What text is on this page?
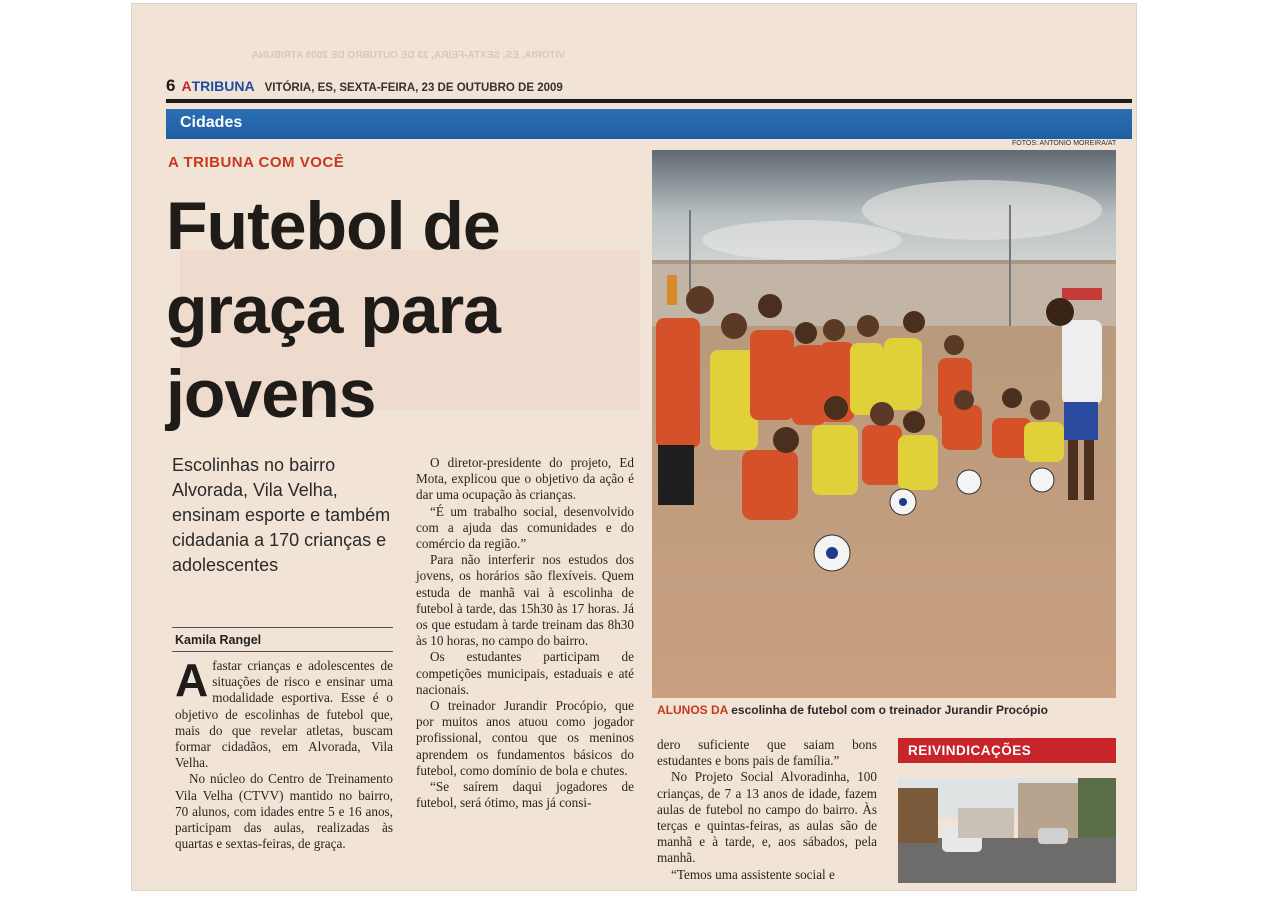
VITÓRIA, ES, SEXTA-FEIRA, 23 DE OUTUBRO DE 2009 ATRIBUNA
6 ATRIBUNA VITÓRIA, ES, SEXTA-FEIRA, 23 DE OUTUBRO DE 2009
Cidades
FOTOS: ANTONIO MOREIRA/AT
A TRIBUNA COM VOCÊ
Futebol de graça para jovens
Escolinhas no bairro Alvorada, Vila Velha, ensinam esporte e também cidadania a 170 crianças e adolescentes
Kamila Rangel
A fastar crianças e adolescentes de situações de risco e ensinar uma modalidade esportiva. Esse é o objetivo de escolinhas de futebol que, mais do que revelar atletas, buscam formar cidadãos, em Alvorada, Vila Velha.

No núcleo do Centro de Treinamento Vila Velha (CTVV) mantido no bairro, 70 alunos, com idades entre 5 e 16 anos, participam das aulas, realizadas às quartas e sextas-feiras, de graça.

O diretor-presidente do projeto, Ed Mota, explicou que o objetivo da ação é dar uma ocupação às crianças.

“É um trabalho social, desenvolvido com a ajuda das comunidades e do comércio da região.”

Para não interferir nos estudos dos jovens, os horários são flexíveis. Quem estuda de manhã vai à escolinha de futebol à tarde, das 15h30 às 17 horas. Já os que estudam à tarde treinam das 8h30 às 10 horas, no campo do bairro.

Os estudantes participam de competições municipais, estaduais e até nacionais.

O treinador Jurandir Procópio, que por muitos anos atuou como jogador profissional, contou que os meninos aprendem os fundamentos básicos do futebol, como domínio de bola e chutes.

“Se saírem daqui jogadores de futebol, será ótimo, mas já consi-

ALUNOS DA escolinha de futebol com o treinador Jurandir Procópio

dero suficiente que saiam bons estudantes e bons pais de família.”

No Projeto Social Alvoradinha, 100 crianças, de 7 a 13 anos de idade, fazem aulas de futebol no campo do bairro. Às terças e quintas-feiras, as aulas são de manhã e à tarde, e, aos sábados, pela manhã.

“Temos uma assistente social e

REIVINDICAÇÕES
